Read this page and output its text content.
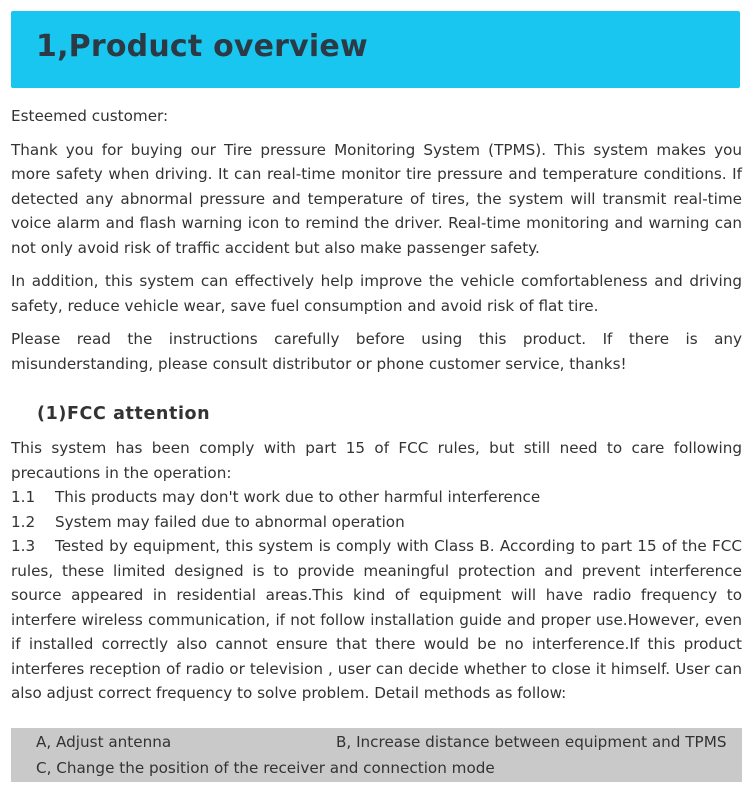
1,Product overview

Esteemed customer:

Thank you for buying our Tire pressure Monitoring System (TPMS). This system makes you more safety when driving. It can real-time monitor tire pressure and temperature conditions. If detected any abnormal pressure and temperature of tires, the system will transmit real-time voice alarm and flash warning icon to remind the driver. Real-time monitoring and warning can not only avoid risk of traffic accident but also make passenger safety.

In addition, this system can effectively help improve the vehicle comfortableness and driving safety, reduce vehicle wear, save fuel consumption and avoid risk of flat tire.

Please read the instructions carefully before using this product. If there is any misunderstanding, please consult distributor or phone customer service, thanks!

(1)FCC attention

This system has been comply with part 15 of FCC rules, but still need to care following precautions in the operation:

1.1 This products may don't work due to other harmful interference

1.2 System may failed due to abnormal operation

1.3 Tested by equipment, this system is comply with Class B. According to part 15 of the FCC rules, these limited designed is to provide meaningful protection and prevent interference source appeared in residential areas.This kind of equipment will have radio frequency to interfere wireless communication, if not follow installation guide and proper use.However, even if installed correctly also cannot ensure that there would be no interference.If this product interferes reception of radio or television , user can decide whether to close it himself. User can also adjust correct frequency to solve problem. Detail methods as follow:

A, Adjust antenna	B, Increase distance between equipment and TPMS
C, Change the position of the receiver and connection mode
